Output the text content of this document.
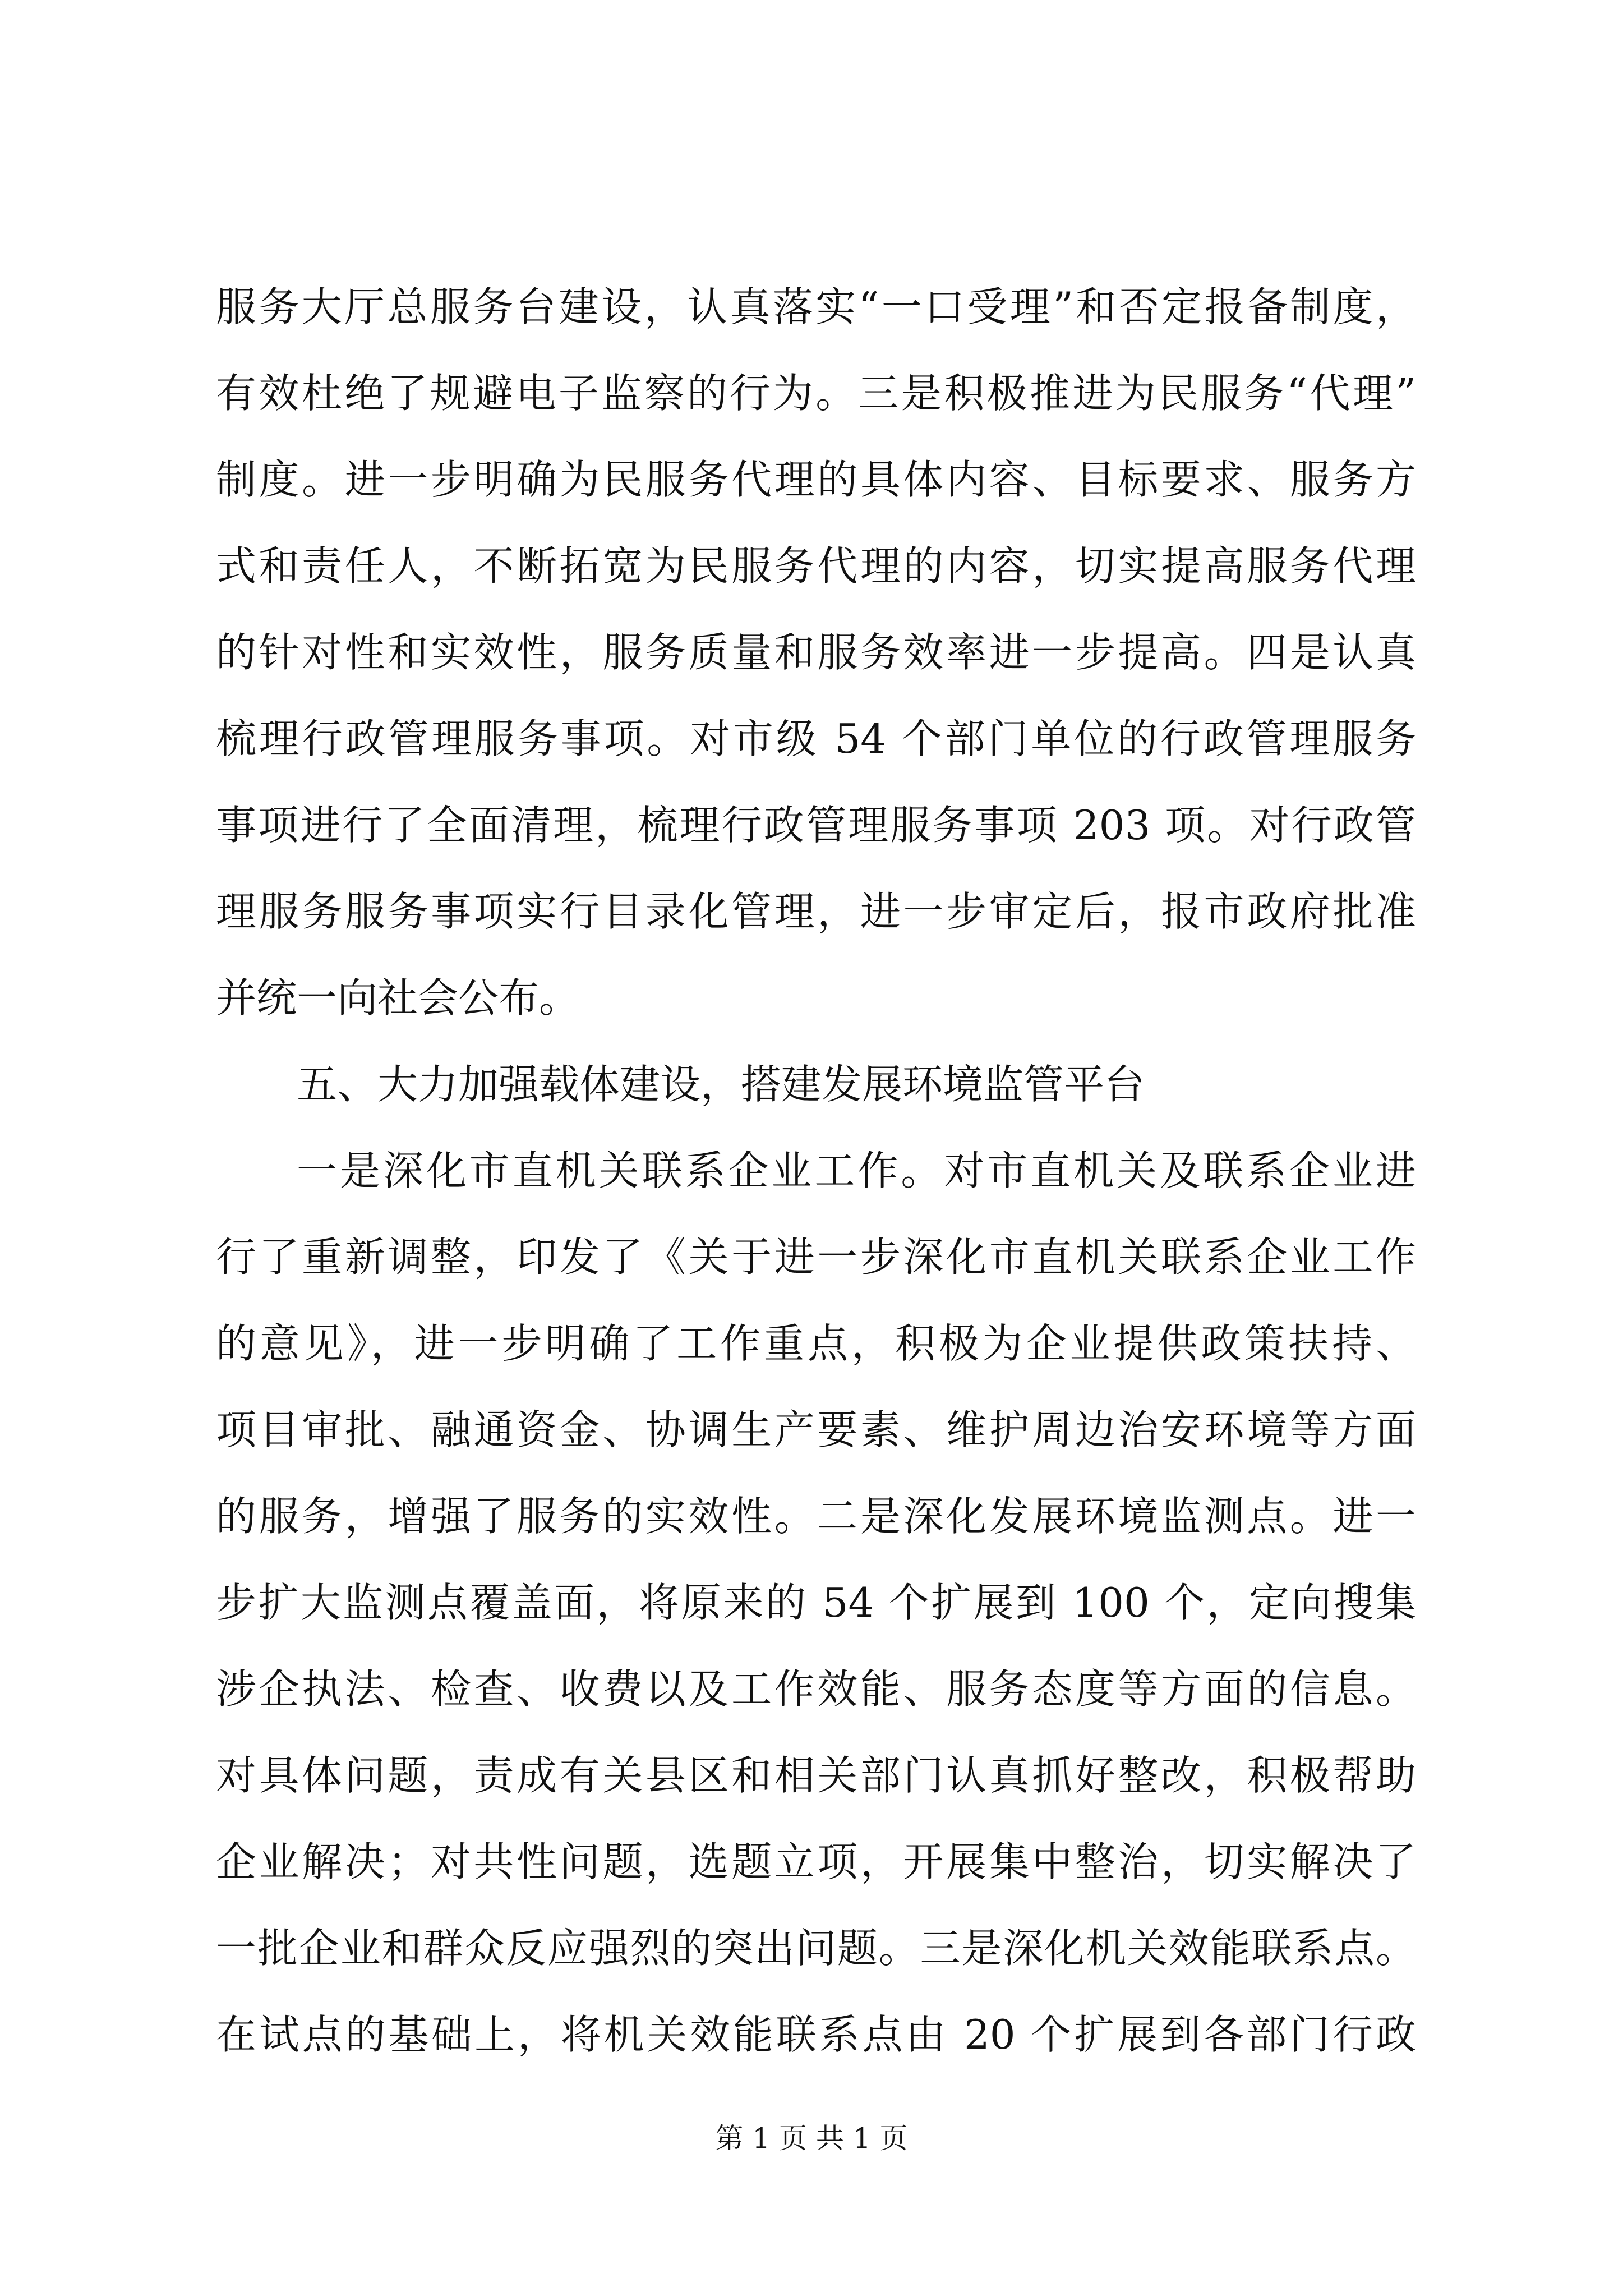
服务大厅总服务台建设，认真落实“一口受理”和否定报备制度，
有效杜绝了规避电子监察的行为。三是积极推进为民服务“代理”
制度。进一步明确为民服务代理的具体内容、目标要求、服务方
式和责任人，不断拓宽为民服务代理的内容，切实提高服务代理
的针对性和实效性，服务质量和服务效率进一步提高。四是认真
梳理行政管理服务事项。对市级 54 个部门单位的行政管理服务
事项进行了全面清理，梳理行政管理服务事项 203 项。对行政管
理服务服务事项实行目录化管理，进一步审定后，报市政府批准
并统一向社会公布。
五、大力加强载体建设，搭建发展环境监管平台
一是深化市直机关联系企业工作。对市直机关及联系企业进
行了重新调整，印发了《关于进一步深化市直机关联系企业工作
的意见》，进一步明确了工作重点，积极为企业提供政策扶持、
项目审批、融通资金、协调生产要素、维护周边治安环境等方面
的服务，增强了服务的实效性。二是深化发展环境监测点。进一
步扩大监测点覆盖面，将原来的 54 个扩展到 100 个，定向搜集
涉企执法、检查、收费以及工作效能、服务态度等方面的信息。
对具体问题，责成有关县区和相关部门认真抓好整改，积极帮助
企业解决；对共性问题，选题立项，开展集中整治，切实解决了
一批企业和群众反应强烈的突出问题。三是深化机关效能联系点。
在试点的基础上，将机关效能联系点由 20 个扩展到各部门行政
第 1 页 共 1 页
